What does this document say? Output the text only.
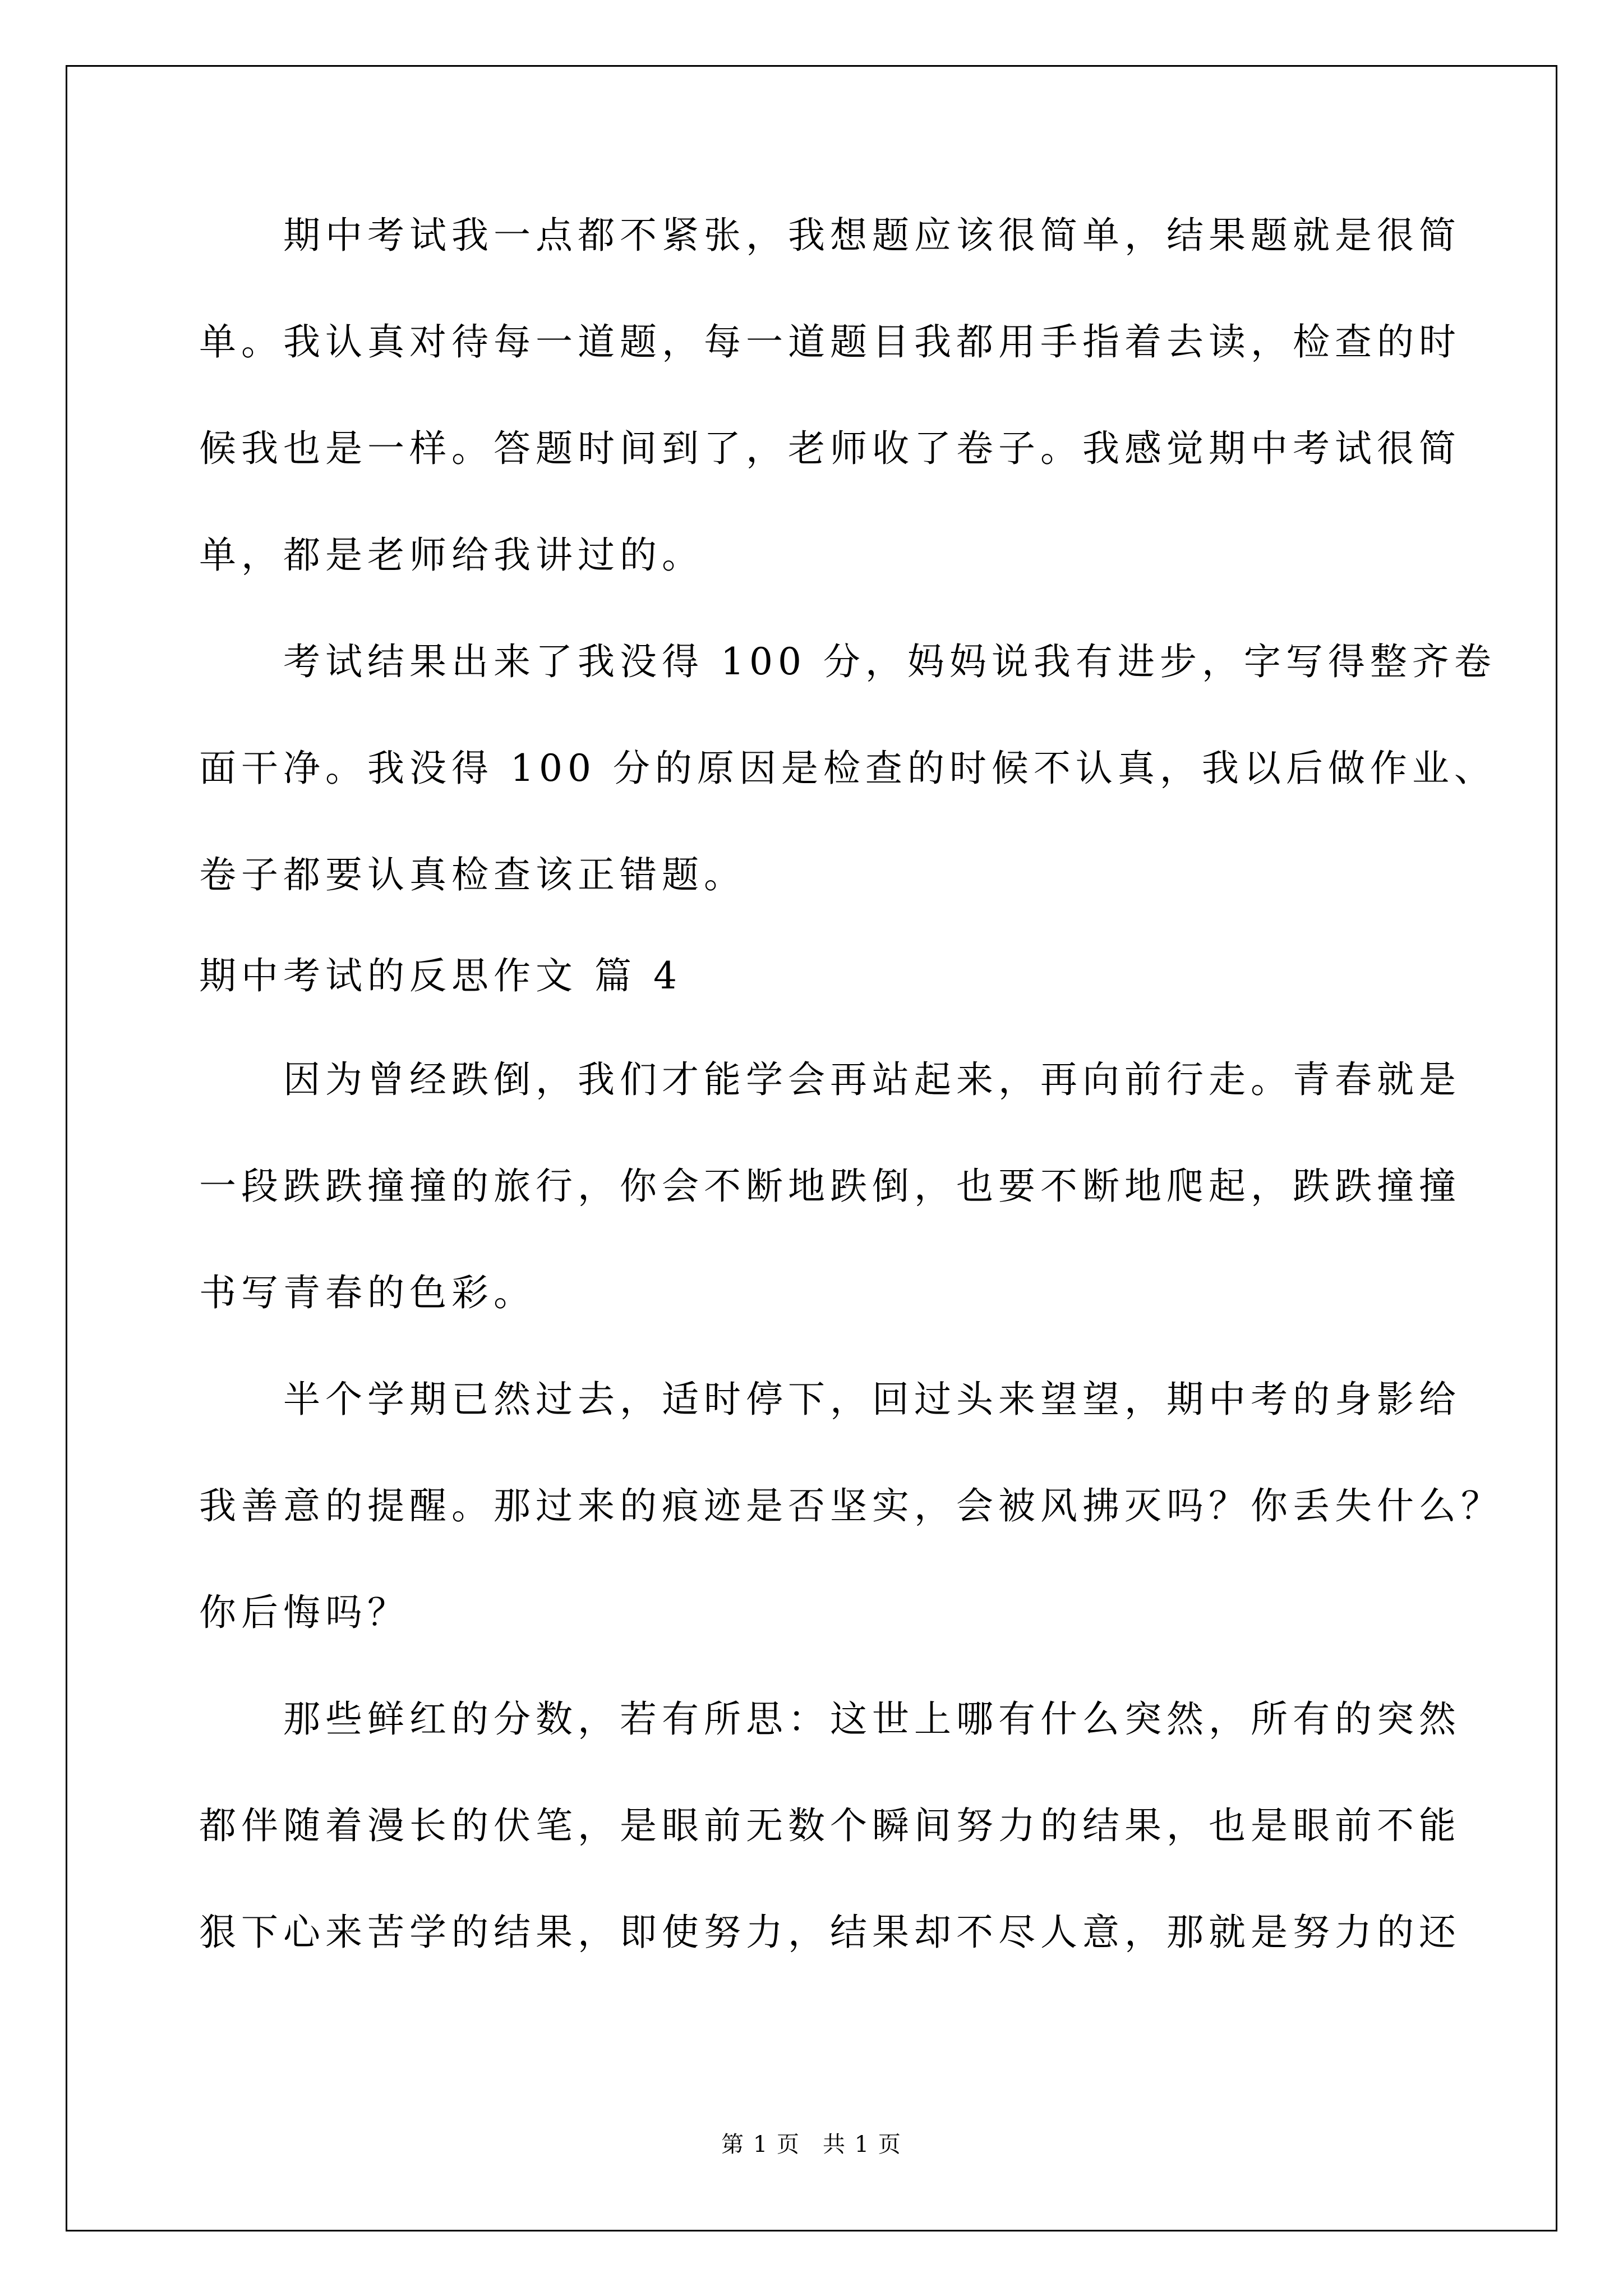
期中考试我一点都不紧张，我想题应该很简单，结果题就是很简
单。我认真对待每一道题，每一道题目我都用手指着去读，检查的时
候我也是一样。答题时间到了，老师收了卷子。我感觉期中考试很简
单，都是老师给我讲过的。
考试结果出来了我没得 100 分，妈妈说我有进步，字写得整齐卷
面干净。我没得 100 分的原因是检查的时候不认真，我以后做作业、
卷子都要认真检查该正错题。
期中考试的反思作文 篇 4
因为曾经跌倒，我们才能学会再站起来，再向前行走。青春就是
一段跌跌撞撞的旅行，你会不断地跌倒，也要不断地爬起，跌跌撞撞
书写青春的色彩。
半个学期已然过去，适时停下，回过头来望望，期中考的身影给
我善意的提醒。那过来的痕迹是否坚实，会被风拂灭吗？你丢失什么？
你后悔吗？
那些鲜红的分数，若有所思：这世上哪有什么突然，所有的突然
都伴随着漫长的伏笔，是眼前无数个瞬间努力的结果，也是眼前不能
狠下心来苦学的结果，即使努力，结果却不尽人意，那就是努力的还
第 1 页 共 1 页
